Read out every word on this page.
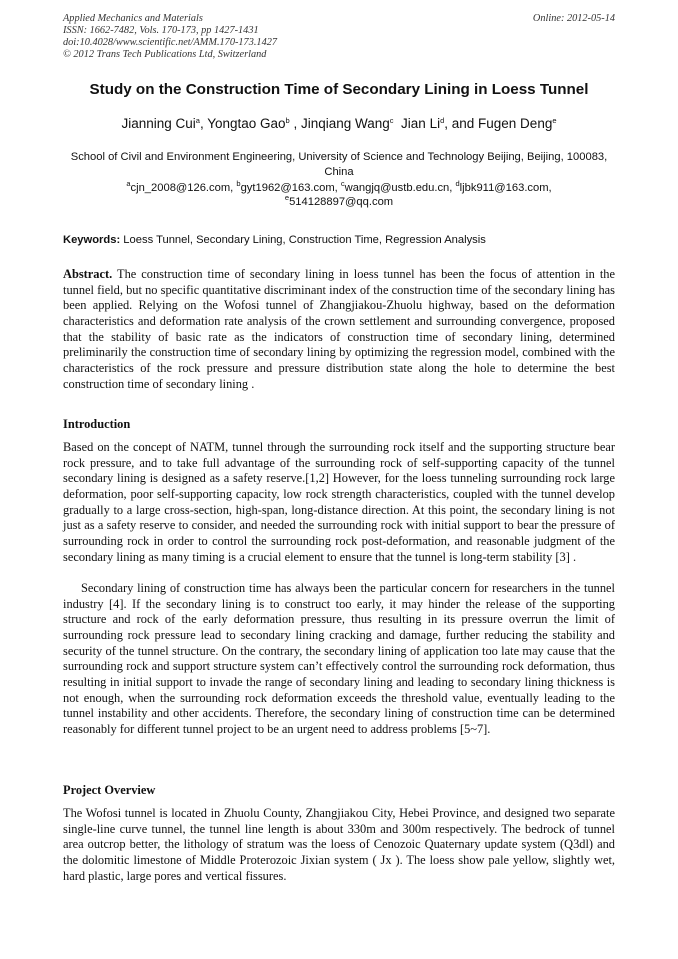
Applied Mechanics and Materials	Online: 2012-05-14
ISSN: 1662-7482, Vols. 170-173, pp 1427-1431
doi:10.4028/www.scientific.net/AMM.170-173.1427
© 2012 Trans Tech Publications Ltd, Switzerland
Study on the Construction Time of Secondary Lining in Loess Tunnel
Jianning Cui$^a$, Yongtao Gao$^b$ , Jinqiang Wang$^c$ Jian Li$^d$, and Fugen Deng$^e$
School of Civil and Environment Engineering, University of Science and Technology Beijing, Beijing, 100083, China
$^a$cjn_2008@126.com, $^b$gyt1962@163.com, $^c$wangjq@ustb.edu.cn, $^d$ljbk911@163.com,
$^e$514128897@qq.com
Keywords: Loess Tunnel, Secondary Lining, Construction Time, Regression Analysis
Abstract. The construction time of secondary lining in loess tunnel has been the focus of attention in the tunnel field, but no specific quantitative discriminant index of the construction time of the secondary lining has been applied. Relying on the Wofosi tunnel of Zhangjiakou-Zhuolu highway, based on the deformation characteristics and deformation rate analysis of the crown settlement and surrounding convergence, proposed that the stability of basic rate as the indicators of construction time of secondary lining, determined preliminarily the construction time of secondary lining by optimizing the regression model, combined with the characteristics of the rock pressure and pressure distribution state along the hole to determine the best construction time of secondary lining .
Introduction

Based on the concept of NATM, tunnel through the surrounding rock itself and the supporting structure bear rock pressure, and to take full advantage of the surrounding rock of self-supporting capacity of the tunnel secondary lining is designed as a safety reserve.[1,2] However, for the loess tunneling surrounding rock large deformation, poor self-supporting capacity, low rock strength characteristics, coupled with the tunnel develop gradually to a large cross-section, high-span, long-distance direction. At this point, the secondary lining is not just as a safety reserve to consider, and needed the surrounding rock with initial support to bear the pressure of surrounding rock in order to control the surrounding rock post-deformation, and reasonable judgment of the secondary lining as many timing is a crucial element to ensure that the tunnel is long-term stability [3] .

Secondary lining of construction time has always been the particular concern for researchers in the tunnel industry [4]. If the secondary lining is to construct too early, it may hinder the release of the supporting structure and rock of the early deformation pressure, thus resulting in its pressure overrun the limit of surrounding rock pressure lead to secondary lining cracking and damage, further reducing the stability and security of the tunnel structure. On the contrary, the secondary lining of application too late may cause that the surrounding rock and support structure system can’t effectively control the surrounding rock deformation, thus resulting in initial support to invade the range of secondary lining and leading to secondary lining thickness is not enough, when the surrounding rock deformation exceeds the threshold value, eventually leading to the tunnel instability and other accidents. Therefore, the secondary lining of construction time can be determined reasonably for different tunnel project to be an urgent need to address problems [5~7].

Project Overview

The Wofosi tunnel is located in Zhuolu County, Zhangjiakou City, Hebei Province, and designed two separate single-line curve tunnel, the tunnel line length is about 330m and 300m respectively. The bedrock of tunnel area outcrop better, the lithology of stratum was the loess of Cenozoic Quaternary update system (Q3dl) and the dolomitic limestone of Middle Proterozoic Jixian system ( Jx ). The loess show pale yellow, slightly wet, hard plastic, large pores and vertical fissures.
